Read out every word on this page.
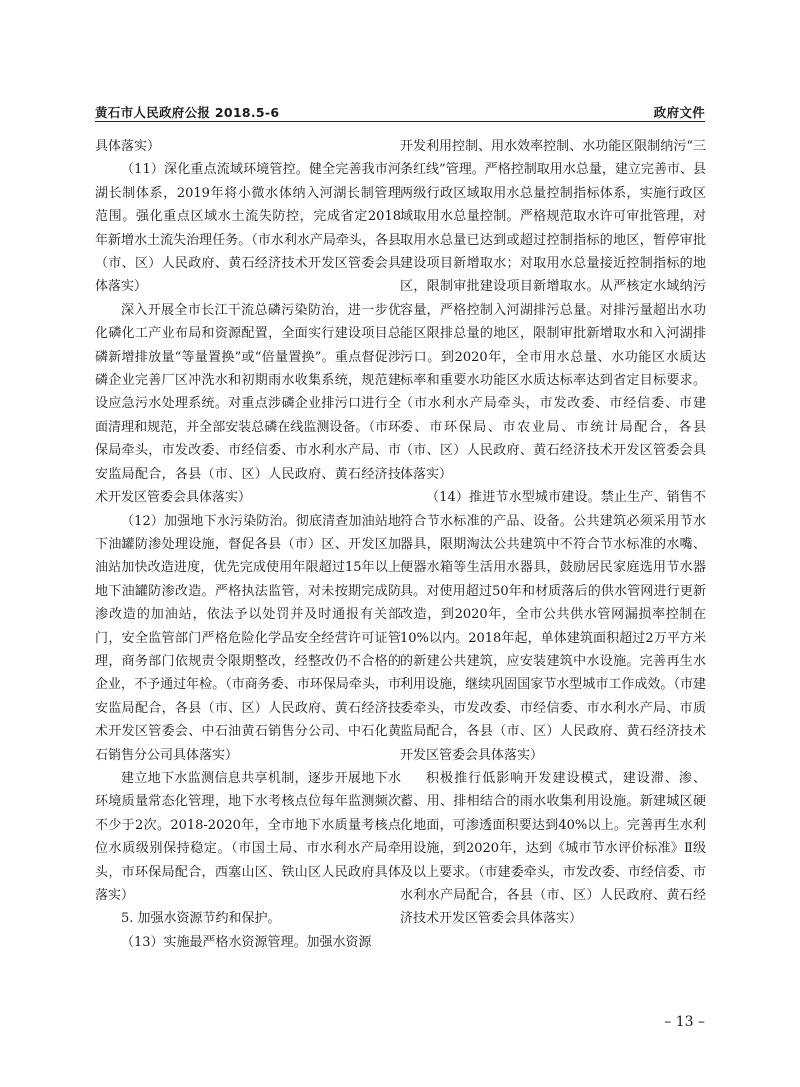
黄石市人民政府公报 2018.5-6	政府文件

具体落实）

（11）深化重点流域环境管控。健全完善我市河湖长制体系，2019年将小微水体纳入河湖长制管理范围。强化重点区域水土流失防控，完成省定2018年新增水土流失治理任务。（市水利水产局牵头，各县（市、区）人民政府、黄石经济技术开发区管委会具体落实）

深入开展全市长江干流总磷污染防治，进一步优化磷化工产业布局和资源配置，全面实行建设项目总磷新增排放量“等量置换”或“倍量置换”。重点督促涉磷企业完善厂区冲洗水和初期雨水收集系统，规范建设应急污水处理系统。对重点涉磷企业排污口进行全面清理和规范，并全部安装总磷在线监测设备。（市环保局牵头，市发改委、市经信委、市水利水产局、市安监局配合，各县（市、区）人民政府、黄石经济技术开发区管委会具体落实）

（12）加强地下水污染防治。彻底清查加油站地下油罐防渗处理设施，督促各县（市）区、开发区加油站加快改造进度，优先完成使用年限超过15年以上地下油罐防渗改造。严格执法监管，对未按期完成防渗改造的加油站，依法予以处罚并及时通报有关部门，安全监管部门严格危险化学品安全经营许可证管理，商务部门依规责令限期整改，经整改仍不合格的企业，不予通过年检。（市商务委、市环保局牵头，市安监局配合，各县（市、区）人民政府、黄石经济技术开发区管委会、中石油黄石销售分公司、中石化黄石销售分公司具体落实）

建立地下水监测信息共享机制，逐步开展地下水环境质量常态化管理，地下水考核点位每年监测频次不少于2次。2018-2020年，全市地下水质量考核点位水质级别保持稳定。（市国土局、市水利水产局牵头，市环保局配合，西塞山区、铁山区人民政府具体落实）

5. 加强水资源节约和保护。

（13）实施最严格水资源管理。加强水资源

开发利用控制、用水效率控制、水功能区限制纳污“三条红线”管理。严格控制取用水总量，建立完善市、县两级行政区域取用水总量控制指标体系，实施行政区域取用水总量控制。严格规范取水许可审批管理，对取用水总量已达到或超过控制指标的地区，暂停审批建设项目新增取水；对取用水总量接近控制指标的地区，限制审批建设项目新增取水。从严核定水域纳污容量，严格控制入河湖排污总量。对排污量超出水功能区限排总量的地区，限制审批新增取水和入河湖排污口。到2020年，全市用水总量、水功能区水质达标率和重要水功能区水质达标率达到省定目标要求。（市水利水产局牵头，市发改委、市经信委、市建委、市环保局、市农业局、市统计局配合，各县（市、区）人民政府、黄石经济技术开发区管委会具体落实）

（14）推进节水型城市建设。禁止生产、销售不符合节水标准的产品、设备。公共建筑必须采用节水器具，限期淘汰公共建筑中不符合节水标准的水嘴、便器水箱等生活用水器具，鼓励居民家庭选用节水器具。对使用超过50年和材质落后的供水管网进行更新改造，到2020年，全市公共供水管网漏损率控制在10%以内。2018年起，单体建筑面积超过2万平方米的新建公共建筑，应安装建筑中水设施。完善再生水利用设施，继续巩固国家节水型城市工作成效。（市建委牵头，市发改委、市经信委、市水利水产局、市质监局配合，各县（市、区）人民政府、黄石经济技术开发区管委会具体落实）

积极推行低影响开发建设模式，建设滞、渗、蓄、用、排相结合的雨水收集利用设施。新建城区硬化地面，可渗透面积要达到40%以上。完善再生水利用设施，到2020年，达到《城市节水评价标准》Ⅱ级及以上要求。（市建委牵头，市发改委、市经信委、市水利水产局配合，各县（市、区）人民政府、黄石经济技术开发区管委会具体落实）

– 13 –
